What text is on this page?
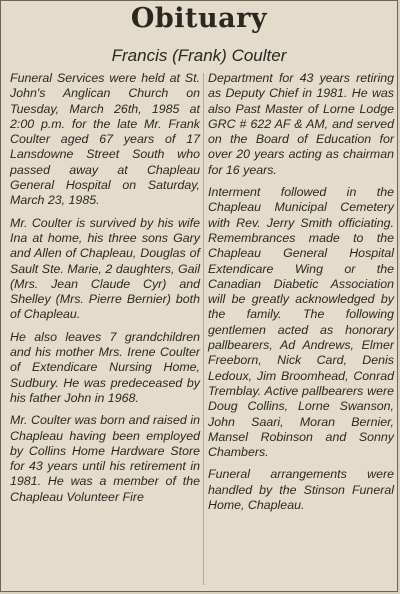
Obituary
Francis (Frank) Coulter

Funeral Services were held at St. John's Anglican Church on Tuesday, March 26th, 1985 at 2:00 p.m. for the late Mr. Frank Coulter aged 67 years of 17 Lansdowne Street South who passed away at Chapleau General Hospital on Saturday, March 23, 1985.

Mr. Coulter is survived by his wife Ina at home, his three sons Gary and Allen of Chapleau, Douglas of Sault Ste. Marie, 2 daughters, Gail (Mrs. Jean Claude Cyr) and Shelley (Mrs. Pierre Bernier) both of Chapleau.

He also leaves 7 grandchildren and his mother Mrs. Irene Coulter of Extendicare Nursing Home, Sudbury. He was predeceased by his father John in 1968.

Mr. Coulter was born and raised in Chapleau having been employed by Collins Home Hardware Store for 43 years until his retirement in 1981. He was a member of the Chapleau Volunteer Fire

Department for 43 years retiring as Deputy Chief in 1981. He was also Past Master of Lorne Lodge GRC # 622 AF & AM, and served on the Board of Education for over 20 years acting as chairman for 16 years.

Interment followed in the Chapleau Municipal Cemetery with Rev. Jerry Smith officiating. Remembrances made to the Chapleau General Hospital Extendicare Wing or the Canadian Diabetic Association will be greatly acknowledged by the family. The following gentlemen acted as honorary pallbearers, Ad Andrews, Elmer Freeborn, Nick Card, Denis Ledoux, Jim Broomhead, Conrad Tremblay. Active pallbearers were Doug Collins, Lorne Swanson, John Saari, Moran Bernier, Mansel Robinson and Sonny Chambers.

Funeral arrangements were handled by the Stinson Funeral Home, Chapleau.
